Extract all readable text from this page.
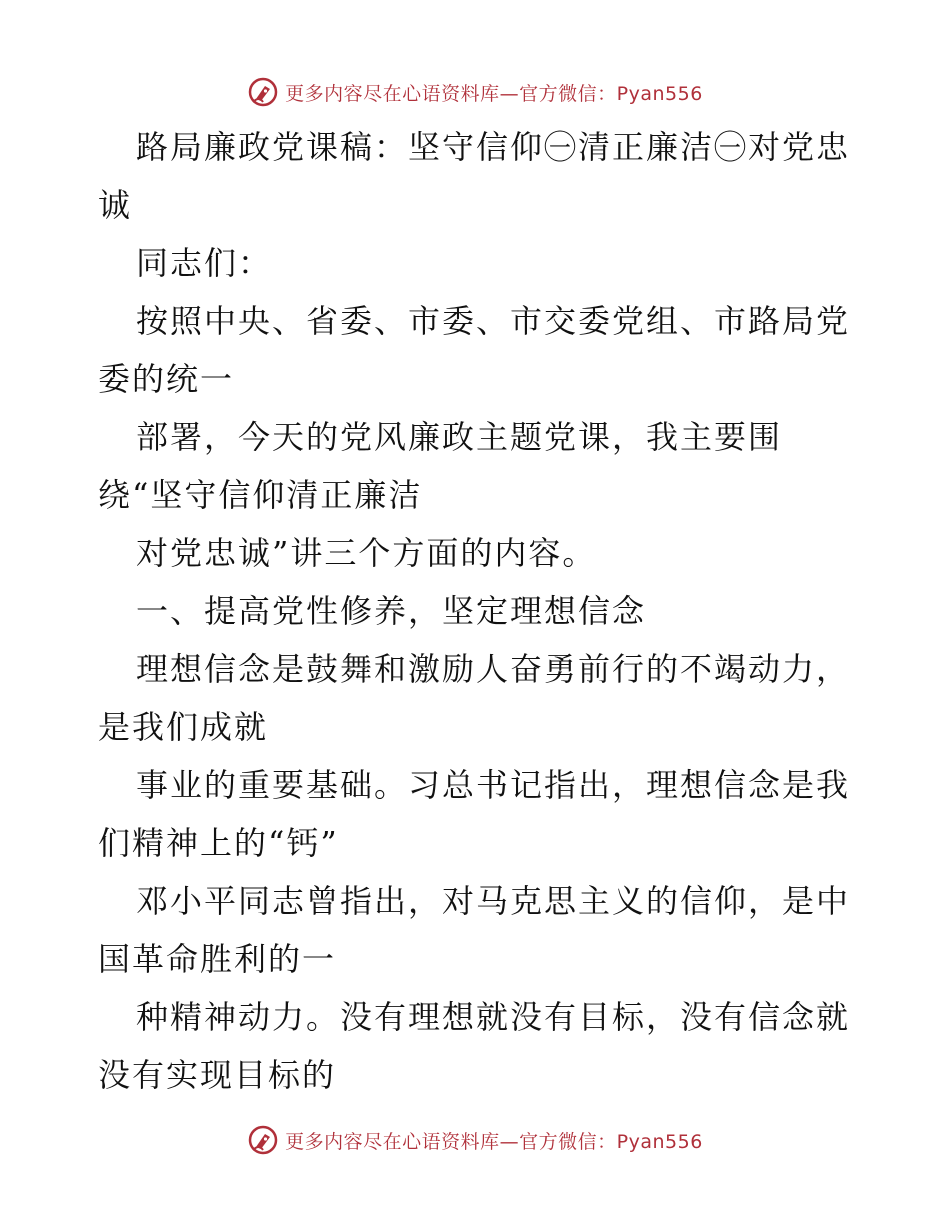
更多内容尽在心语资料库—官方微信：Pyan556
路局廉政党课稿：坚守信仰㊀清正廉洁㊀对党忠
诚
同志们：
按照中央、省委、市委、市交委党组、市路局党
委的统一
部署，今天的党风廉政主题党课，我主要围
绕“坚守信仰清正廉洁
对党忠诚”讲三个方面的内容。
一、提高党性修养，坚定理想信念
理想信念是鼓舞和激励人奋勇前行的不竭动力，
是我们成就
事业的重要基础。习总书记指出，理想信念是我
们精神上的“钙”
邓小平同志曾指出，对马克思主义的信仰，是中
国革命胜利的一
种精神动力。没有理想就没有目标，没有信念就
没有实现目标的
更多内容尽在心语资料库—官方微信：Pyan556
